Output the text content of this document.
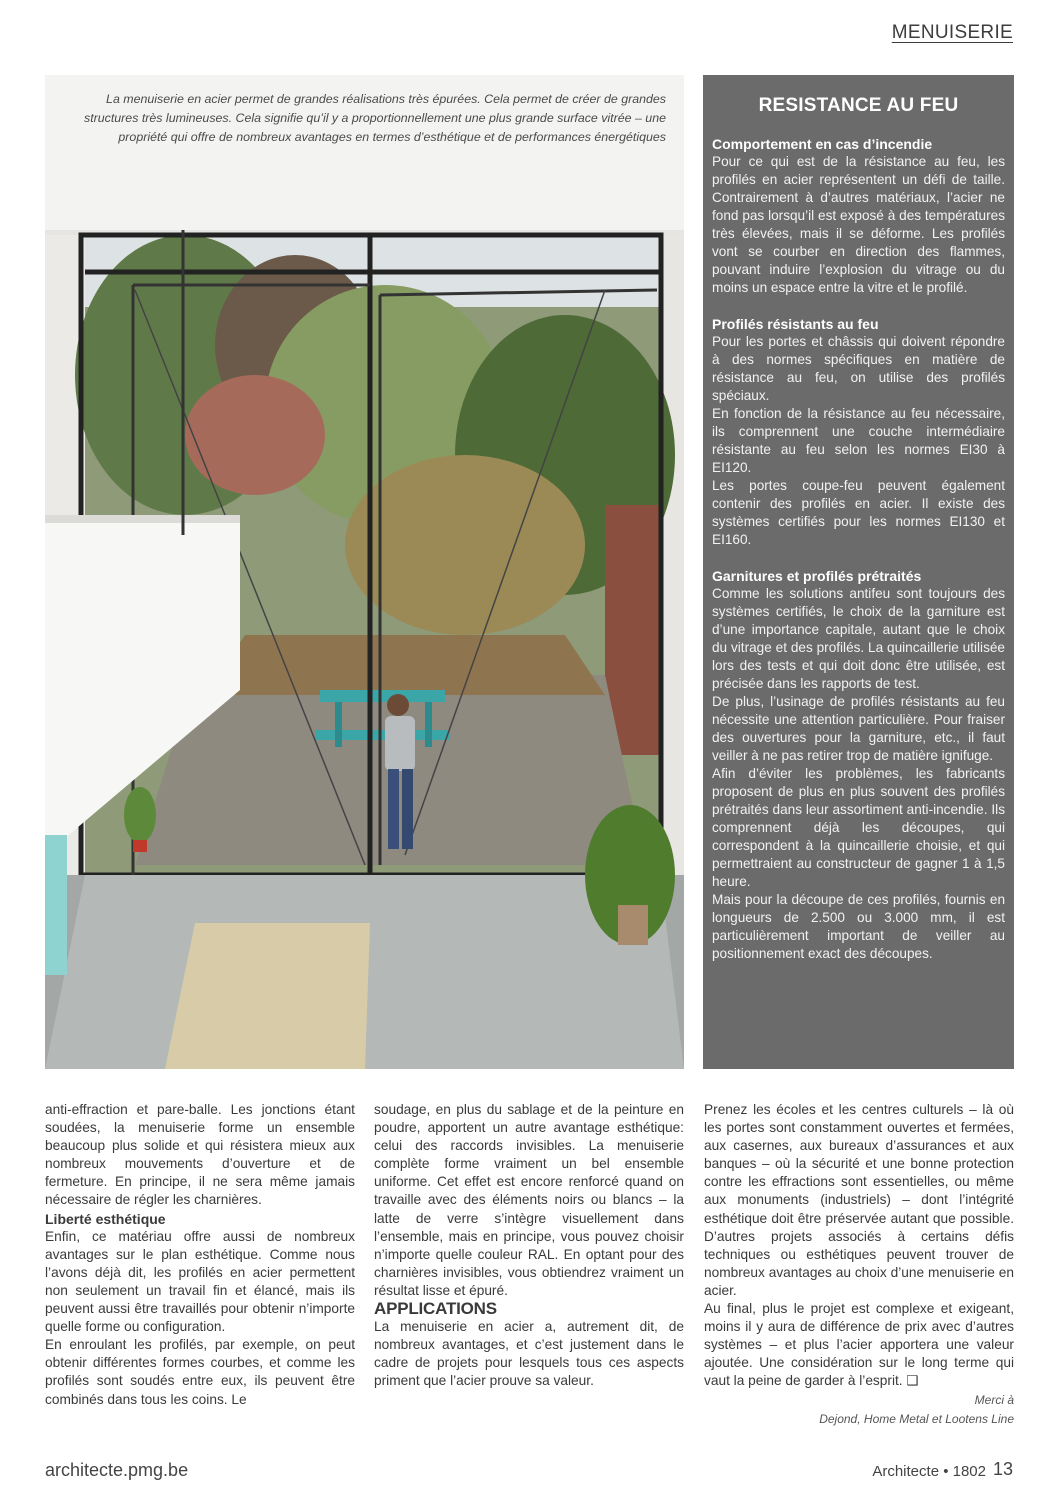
MENUISERIE
La menuiserie en acier permet de grandes réalisations très épurées. Cela permet de créer de grandes structures très lumineuses. Cela signifie qu’il y a proportionnellement une plus grande surface vitrée – une propriété qui offre de nombreux avantages en termes d’esthétique et de performances énergétiques
RESISTANCE AU FEU
Comportement en cas d’incendie

Pour ce qui est de la résistance au feu, les profilés en acier représentent un défi de taille. Contrairement à d’autres matériaux, l’acier ne fond pas lorsqu’il est exposé à des températures très élevées, mais il se déforme. Les profilés vont se courber en direction des flammes, pouvant induire l’explosion du vitrage ou du moins un espace entre la vitre et le profilé.

Profilés résistants au feu

Pour les portes et châssis qui doivent répondre à des normes spécifiques en matière de résistance au feu, on utilise des profilés spéciaux.

En fonction de la résistance au feu nécessaire, ils comprennent une couche intermédiaire résistante au feu selon les normes EI30 à EI120.

Les portes coupe-feu peuvent également contenir des profilés en acier. Il existe des systèmes certifiés pour les normes EI130 et EI160.

Garnitures et profilés prétraités

Comme les solutions antifeu sont toujours des systèmes certifiés, le choix de la garniture est d’une importance capitale, autant que le choix du vitrage et des profilés. La quincaillerie utilisée lors des tests et qui doit donc être utilisée, est précisée dans les rapports de test.

De plus, l’usinage de profilés résistants au feu nécessite une attention particulière. Pour fraiser des ouvertures pour la garniture, etc., il faut veiller à ne pas retirer trop de matière ignifuge.

Afin d’éviter les problèmes, les fabricants proposent de plus en plus souvent des profilés prétraités dans leur assortiment anti-incendie. Ils comprennent déjà les découpes, qui correspondent à la quincaillerie choisie, et qui permettraient au constructeur de gagner 1 à 1,5 heure.

Mais pour la découpe de ces profilés, fournis en longueurs de 2.500 ou 3.000 mm, il est particulièrement important de veiller au positionnement exact des découpes.

anti-effraction et pare-balle. Les jonctions étant soudées, la menuiserie forme un ensemble beaucoup plus solide et qui résistera mieux aux nombreux mouvements d’ouverture et de fermeture. En principe, il ne sera même jamais nécessaire de régler les charnières.

Liberté esthétique

Enfin, ce matériau offre aussi de nombreux avantages sur le plan esthétique. Comme nous l’avons déjà dit, les profilés en acier permettent non seulement un travail fin et élancé, mais ils peuvent aussi être travaillés pour obtenir n’importe quelle forme ou configuration.

En enroulant les profilés, par exemple, on peut obtenir différentes formes courbes, et comme les profilés sont soudés entre eux, ils peuvent être combinés dans tous les coins. Le

soudage, en plus du sablage et de la peinture en poudre, apportent un autre avantage esthétique: celui des raccords invisibles. La menuiserie complète forme vraiment un bel ensemble uniforme. Cet effet est encore renforcé quand on travaille avec des éléments noirs ou blancs – la latte de verre s’intègre visuellement dans l’ensemble, mais en principe, vous pouvez choisir n’importe quelle couleur RAL. En optant pour des charnières invisibles, vous obtiendrez vraiment un résultat lisse et épuré.

APPLICATIONS

La menuiserie en acier a, autrement dit, de nombreux avantages, et c’est justement dans le cadre de projets pour lesquels tous ces aspects priment que l’acier prouve sa valeur.

Prenez les écoles et les centres culturels – là où les portes sont constamment ouvertes et fermées, aux casernes, aux bureaux d’assurances et aux banques – où la sécurité et une bonne protection contre les effractions sont essentielles, ou même aux monuments (industriels) – dont l’intégrité esthétique doit être préservée autant que possible. D’autres projets associés à certains défis techniques ou esthétiques peuvent trouver de nombreux avantages au choix d’une menuiserie en acier.

Au final, plus le projet est complexe et exigeant, moins il y aura de différence de prix avec d’autres systèmes – et plus l’acier apportera une valeur ajoutée. Une considération sur le long terme qui vaut la peine de garder à l’esprit. ❑

Merci à
Dejond, Home Metal et Lootens Line

architecte.pmg.be	Architecte • 1802 13
